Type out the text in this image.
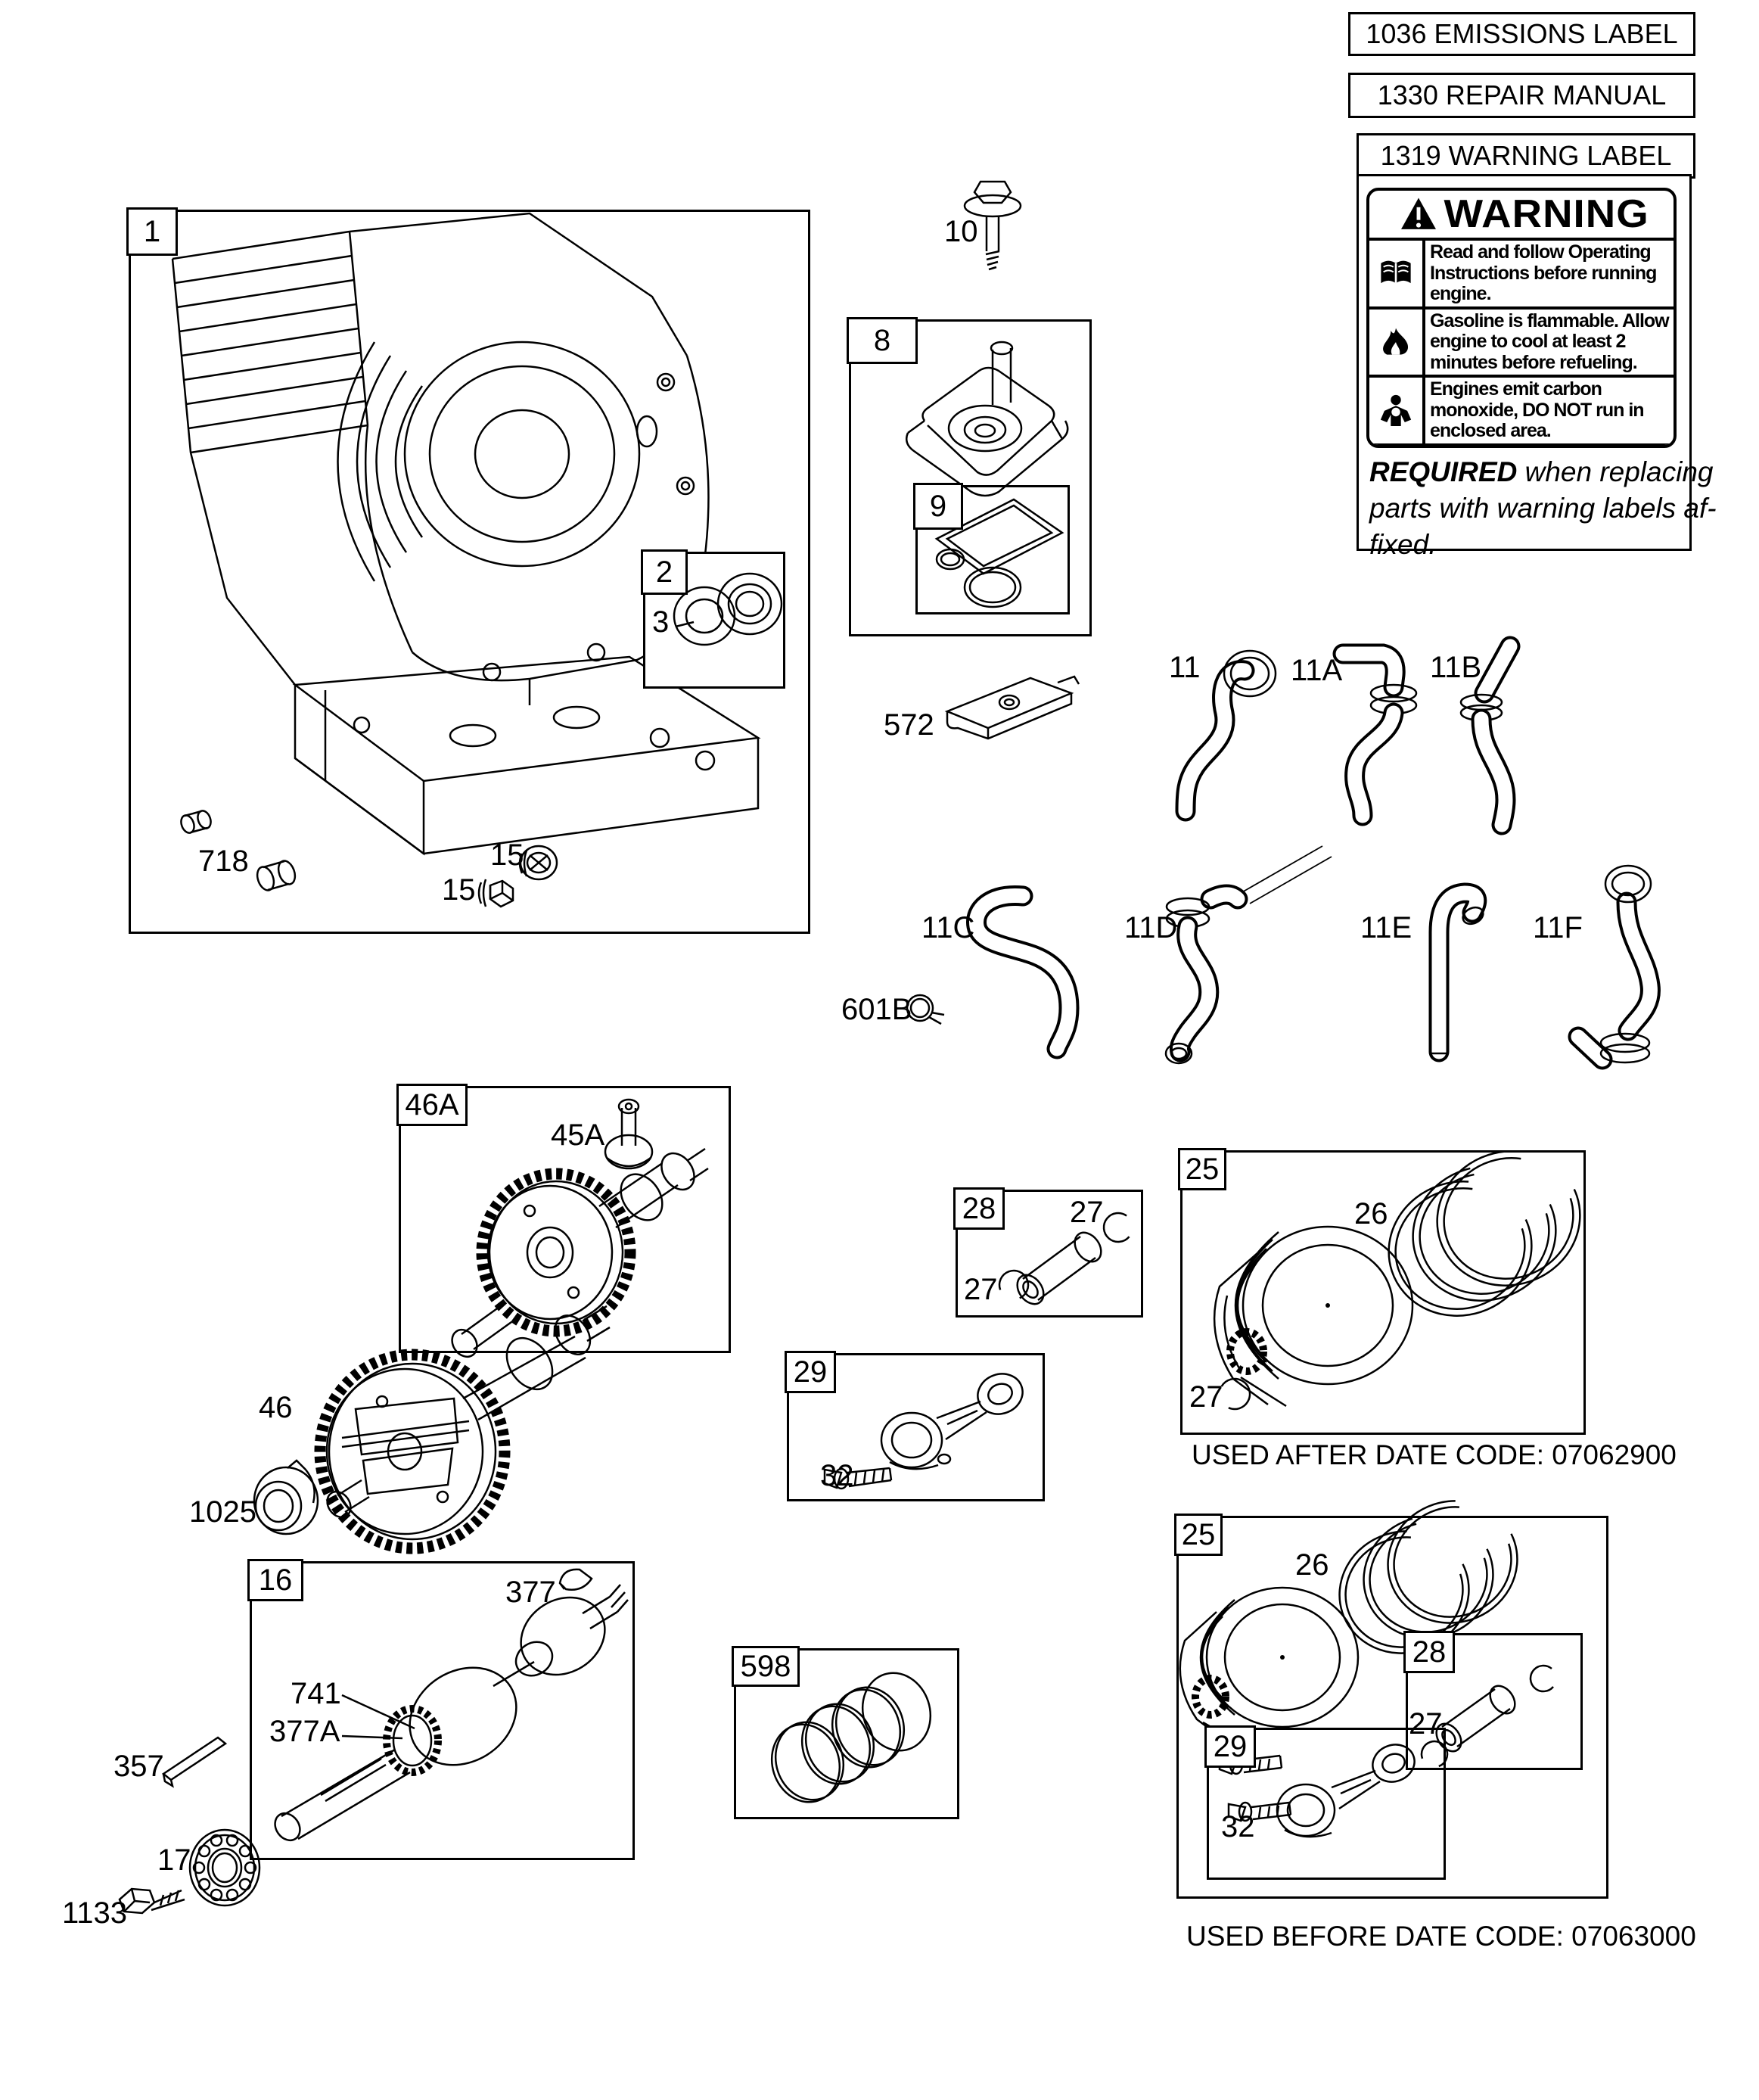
1036 EMISSIONS LABEL
1330 REPAIR MANUAL
1319 WARNING LABEL
WARNING
Read and follow Operating Instructions before running engine.
Gasoline is flammable. Allow engine to cool at least 2 minutes before refueling.
Engines emit carbon monoxide, DO NOT run in enclosed area.
REQUIRED when replacing
parts with warning labels af-
fixed.
1
2
3
8
9
46A
16
598
28
29
25
25
28
29
10
572
718	15
15
11	11A	11B
11C	11D	11E	11F
601B
45A
46
1025
377
741
377A
357
17
1133
27
27
32
26
27
26
27
32
USED AFTER DATE CODE: 07062900
USED BEFORE DATE CODE: 07063000
